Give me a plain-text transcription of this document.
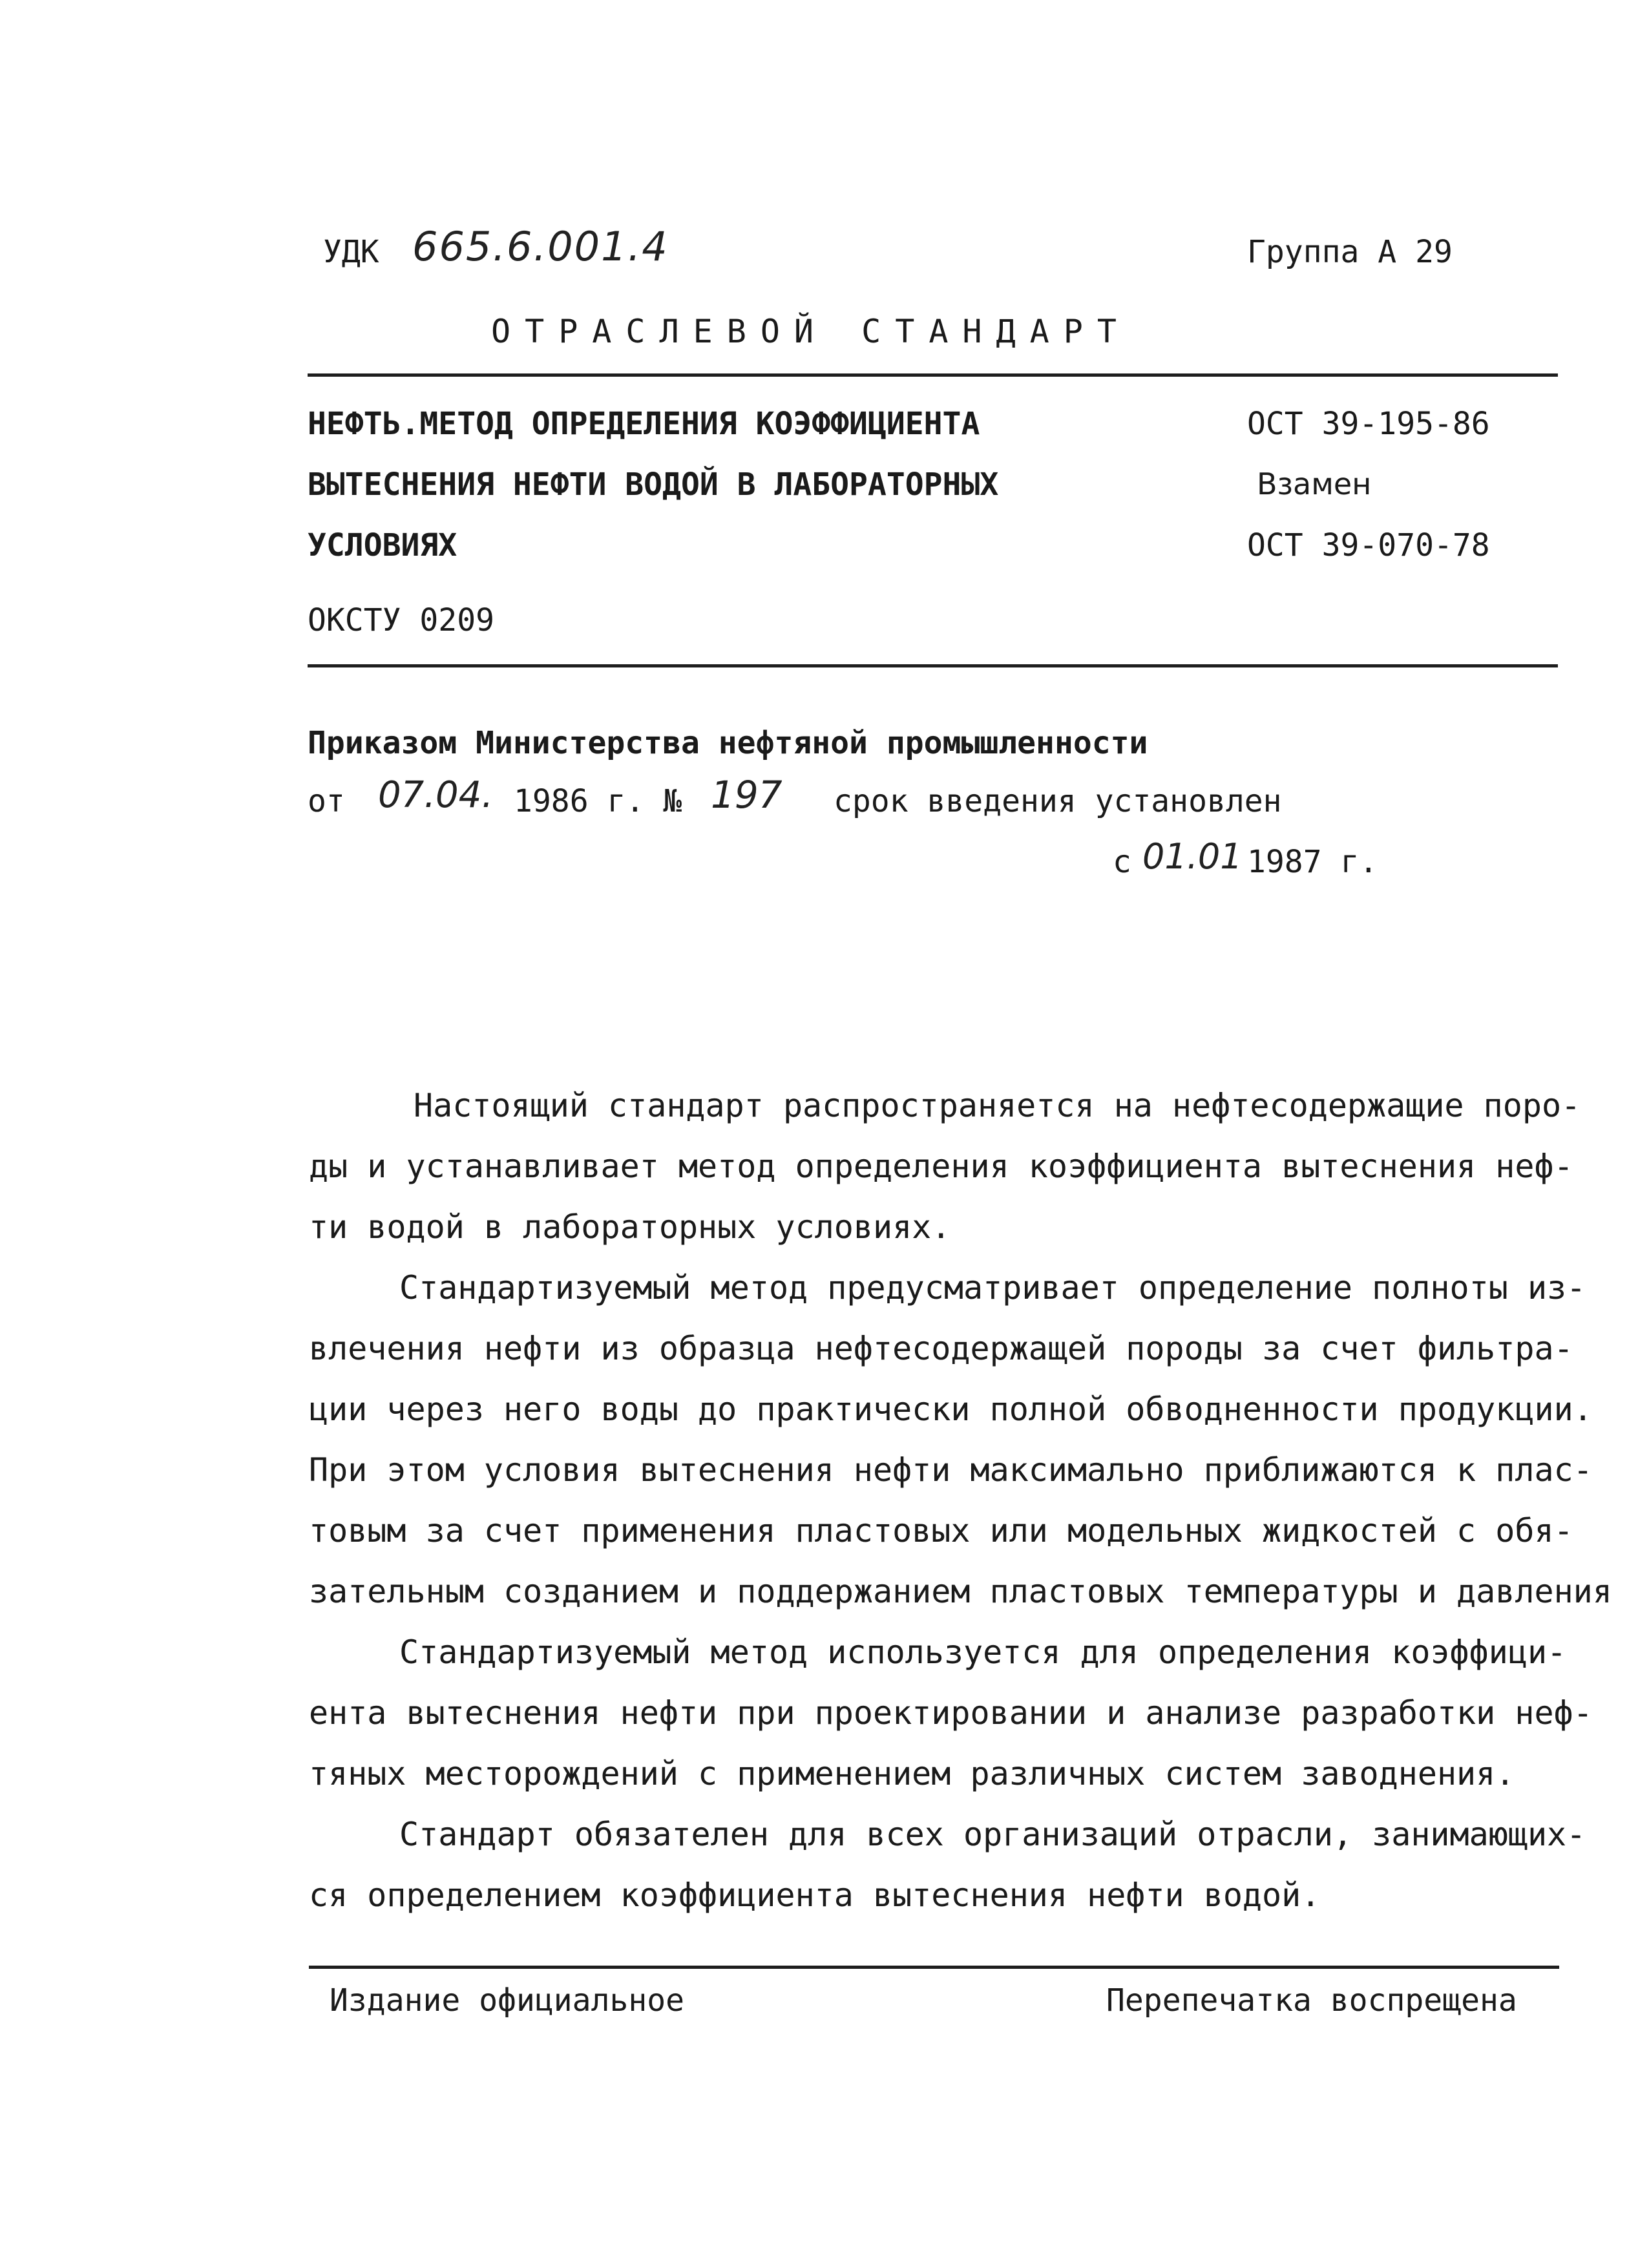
УДК 665.6.001.4	Группа А 29
ОТРАСЛЕВОЙ СТАНДАРТ
НЕФТЬ.МЕТОД ОПРЕДЕЛЕНИЯ КОЭФФИЦИЕНТА
ВЫТЕСНЕНИЯ НЕФТИ ВОДОЙ В ЛАБОРАТОРНЫХ
УСЛОВИЯХ
ОКСТУ 0209
ОСТ 39-195-86
Взамен
ОСТ 39-070-78
Приказом Министерства нефтяной промышленности
от 07.04. 1986 г. № 197 срок введения установлен
с 01.01 1987 г.
Настоящий стандарт распространяется на нефтесодержащие поро-
ды и устанавливает метод определения коэффициента вытеснения неф-
ти водой в лабораторных условиях.
Стандартизуемый метод предусматривает определение полноты из-
влечения нефти из образца нефтесодержащей породы за счет фильтра-
ции через него воды до практически полной обводненности продукции.
При этом условия вытеснения нефти максимально приближаются к плас-
товым за счет применения пластовых или модельных жидкостей с обя-
зательным созданием и поддержанием пластовых температуры и давления
Стандартизуемый метод используется для определения коэффици-
ента вытеснения нефти при проектировании и анализе разработки неф-
тяных месторождений с применением различных систем заводнения.
Стандарт обязателен для всех организаций отрасли, занимающих-
ся определением коэффициента вытеснения нефти водой.
Издание официальное	Перепечатка воспрещена
